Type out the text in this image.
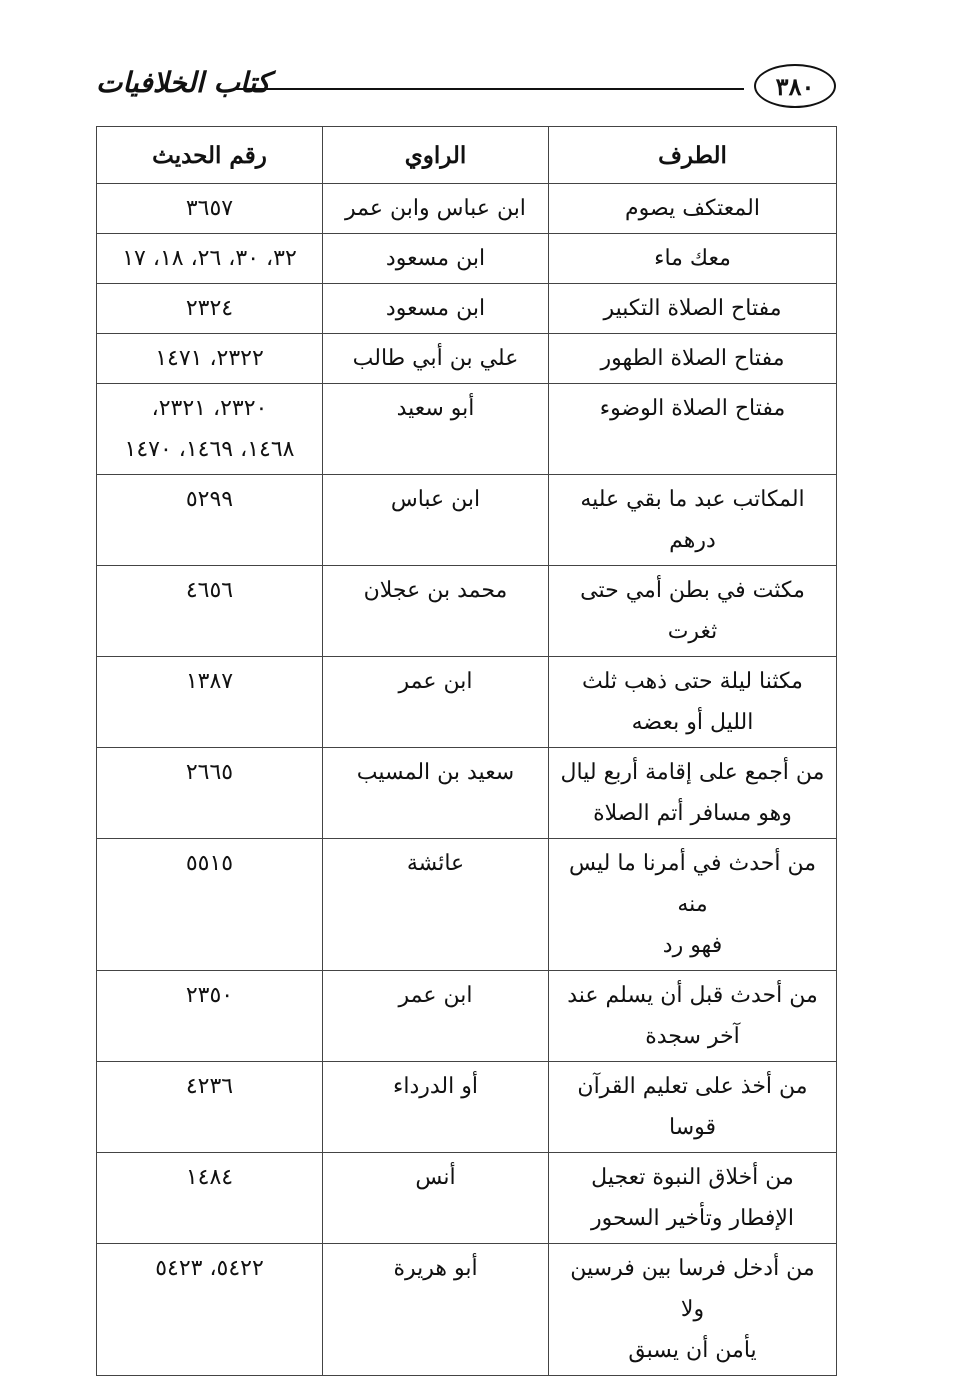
٣٨٠
كتاب الخلافيات
الطرف	الراوي	رقم الحديث

المعتكف يصوم	ابن عباس وابن عمر	٣٦٥٧

معك ماء	ابن مسعود	٣٢، ٣٠، ٢٦، ١٨، ١٧

مفتاح الصلاة التكبير	ابن مسعود	٢٣٢٤

مفتاح الصلاة الطهور	علي بن أبي طالب	٢٣٢٢، ١٤٧١

مفتاح الصلاة الوضوء	أبو سعيد	٢٣٢٠، ٢٣٢١،
١٤٦٨، ١٤٦٩، ١٤٧٠

المكاتب عبد ما بقي عليه درهم	ابن عباس	٥٢٩٩

مكثت في بطن أمي حتى ثغرت	محمد بن عجلان	٤٦٥٦

مكثنا ليلة حتى ذهب ثلث
الليل أو بعضه	ابن عمر	١٣٨٧

من أجمع على إقامة أربع ليال
وهو مسافر أتم الصلاة	سعيد بن المسيب	٢٦٦٥

من أحدث في أمرنا ما ليس منه
فهو رد	عائشة	٥٥١٥

من أحدث قبل أن يسلم عند
آخر سجدة	ابن عمر	٢٣٥٠

من أخذ على تعليم القرآن قوسا	أو الدرداء	٤٢٣٦

من أخلاق النبوة تعجيل
الإفطار وتأخير السحور	أنس	١٤٨٤

من أدخل فرسا بين فرسين ولا
يأمن أن يسبق	أبو هريرة	٥٤٢٢، ٥٤٢٣
